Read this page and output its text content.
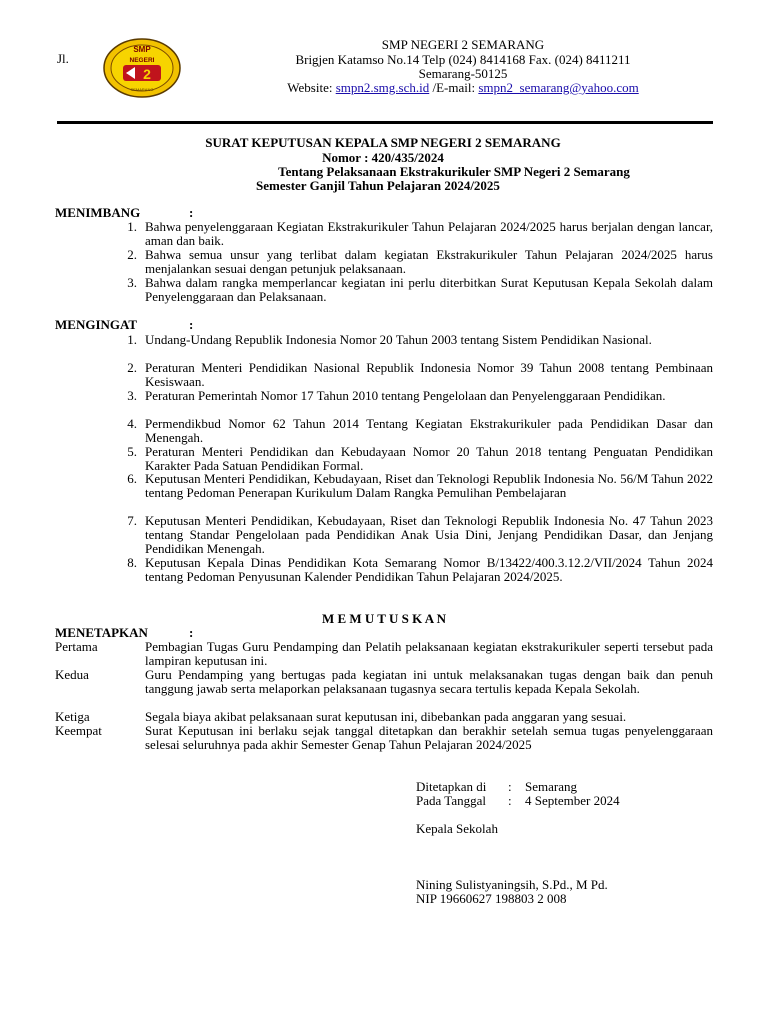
Jl.
SMP
NEGERI
2
SEMARANG
SMP NEGERI 2 SEMARANG
Brigjen Katamso No.14 Telp (024) 8414168 Fax. (024) 8411211
Semarang-50125
Website: smpn2.smg.sch.id /E-mail: smpn2_semarang@yahoo.com
SURAT KEPUTUSAN KEPALA SMP NEGERI 2 SEMARANG
Nomor : 420/435/2024
Tentang Pelaksanaan Ekstrakurikuler SMP Negeri 2 Semarang
Semester Ganjil Tahun Pelajaran 2024/2025
MENIMBANG	:
1. Bahwa penyelenggaraan Kegiatan Ekstrakurikuler Tahun Pelajaran 2024/2025 harus berjalan dengan lancar, aman dan baik.
2. Bahwa semua unsur yang terlibat dalam kegiatan Ekstrakurikuler Tahun Pelajaran 2024/2025 harus menjalankan sesuai dengan petunjuk pelaksanaan.
3. Bahwa dalam rangka memperlancar kegiatan ini perlu diterbitkan Surat Keputusan Kepala Sekolah dalam Penyelenggaraan dan Pelaksanaan.
MENGINGAT	:
1. Undang-Undang Republik Indonesia Nomor 20 Tahun 2003 tentang Sistem Pendidikan Nasional.
2. Peraturan Menteri Pendidikan Nasional Republik Indonesia Nomor 39 Tahun 2008 tentang Pembinaan Kesiswaan.
3. Peraturan Pemerintah Nomor 17 Tahun 2010 tentang Pengelolaan dan Penyelenggaraan Pendidikan.
4. Permendikbud Nomor 62 Tahun 2014 Tentang Kegiatan Ekstrakurikuler pada Pendidikan Dasar dan Menengah.
5. Peraturan Menteri Pendidikan dan Kebudayaan Nomor 20 Tahun 2018 tentang Penguatan Pendidikan Karakter Pada Satuan Pendidikan Formal.
6. Keputusan Menteri Pendidikan, Kebudayaan, Riset dan Teknologi Republik Indonesia No. 56/M Tahun 2022 tentang Pedoman Penerapan Kurikulum Dalam Rangka Pemulihan Pembelajaran
7. Keputusan Menteri Pendidikan, Kebudayaan, Riset dan Teknologi Republik Indonesia No. 47 Tahun 2023 tentang Standar Pengelolaan pada Pendidikan Anak Usia Dini, Jenjang Pendidikan Dasar, dan Jenjang Pendidikan Menengah.
8. Keputusan Kepala Dinas Pendidikan Kota Semarang Nomor B/13422/400.3.12.2/VII/2024 Tahun 2024 tentang Pedoman Penyusunan Kalender Pendidikan Tahun Pelajaran 2024/2025.
M E M U T U S K A N
MENETAPKAN	:
Pertama	Pembagian Tugas Guru Pendamping dan Pelatih pelaksanaan kegiatan ekstrakurikuler seperti tersebut pada lampiran keputusan ini.
Kedua	Guru Pendamping yang bertugas pada kegiatan ini untuk melaksanakan tugas dengan baik dan penuh tanggung jawab serta melaporkan pelaksanaan tugasnya secara tertulis kepada Kepala Sekolah.
Ketiga	Segala biaya akibat pelaksanaan surat keputusan ini, dibebankan pada anggaran yang sesuai.
Keempat	Surat Keputusan ini berlaku sejak tanggal ditetapkan dan berakhir setelah semua tugas penyelenggaraan selesai seluruhnya pada akhir Semester Genap Tahun Pelajaran 2024/2025
Ditetapkan di : Semarang
Pada Tanggal : 4 September 2024
Kepala Sekolah
Nining Sulistyaningsih, S.Pd., M Pd.
NIP 19660627 198803 2 008
